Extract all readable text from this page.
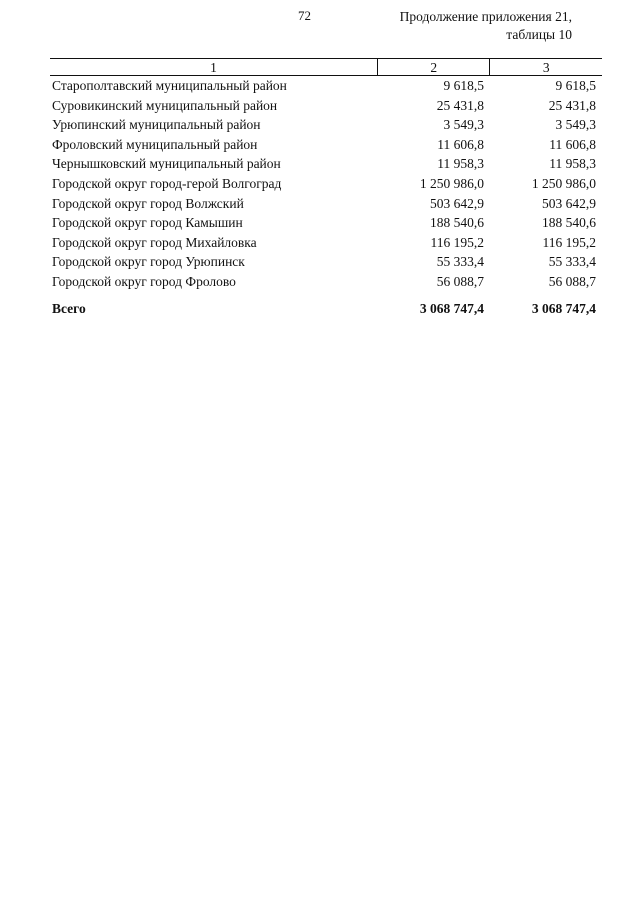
72	Продолжение приложения 21,
таблицы 10
1	2	3
Старополтавский муниципальный район	9 618,5	9 618,5
Суровикинский муниципальный район	25 431,8	25 431,8
Урюпинский муниципальный район	3 549,3	3 549,3
Фроловский муниципальный район	11 606,8	11 606,8
Чернышковский муниципальный район	11 958,3	11 958,3
Городской округ город-герой Волгоград	1 250 986,0	1 250 986,0
Городской округ город Волжский	503 642,9	503 642,9
Городской округ город Камышин	188 540,6	188 540,6
Городской округ город Михайловка	116 195,2	116 195,2
Городской округ город Урюпинск	55 333,4	55 333,4
Городской округ город Фролово	56 088,7	56 088,7
Всего	3 068 747,4	3 068 747,4
